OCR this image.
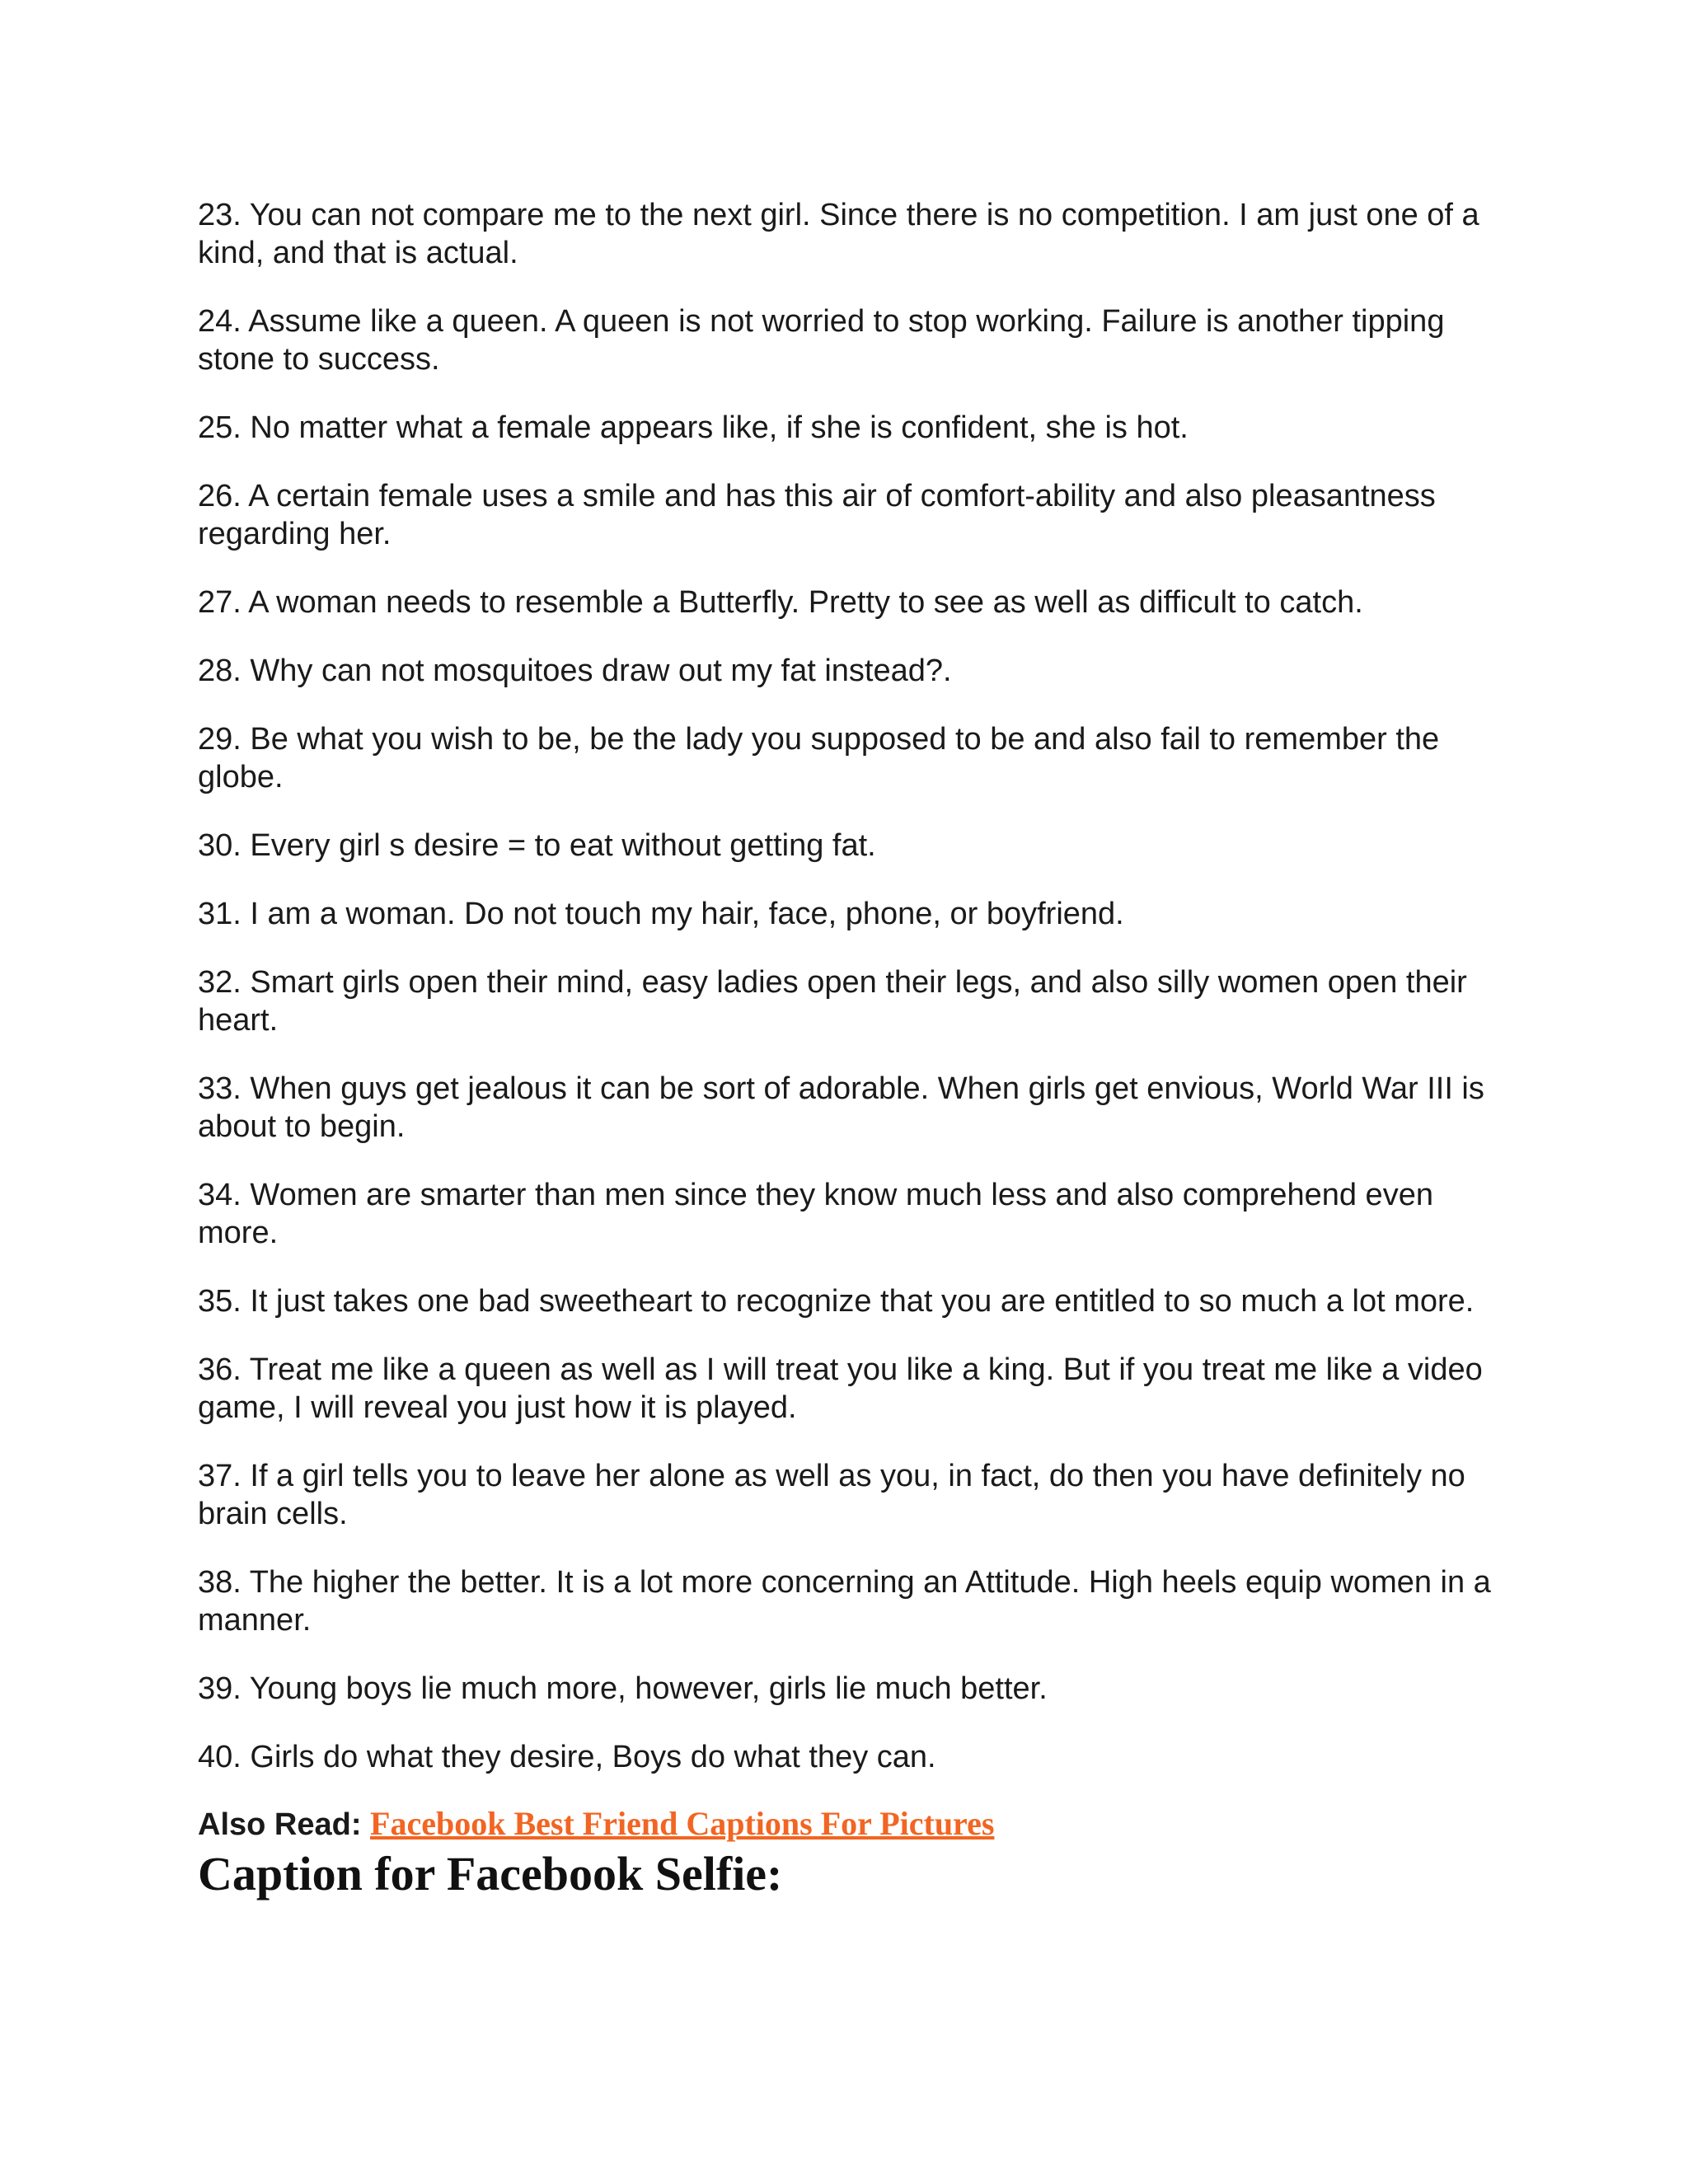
23. You can not compare me to the next girl. Since there is no competition. I am just one of a kind, and that is actual.

24. Assume like a queen. A queen is not worried to stop working. Failure is another tipping stone to success.

25. No matter what a female appears like, if she is confident, she is hot.

26. A certain female uses a smile and has this air of comfort-ability and also pleasantness regarding her.

27. A woman needs to resemble a Butterfly. Pretty to see as well as difficult to catch.

28. Why can not mosquitoes draw out my fat instead?.

29. Be what you wish to be, be the lady you supposed to be and also fail to remember the globe.

30. Every girl s desire = to eat without getting fat.

31. I am a woman. Do not touch my hair, face, phone, or boyfriend.

32. Smart girls open their mind, easy ladies open their legs, and also silly women open their heart.

33. When guys get jealous it can be sort of adorable. When girls get envious, World War III is about to begin.

34. Women are smarter than men since they know much less and also comprehend even more.

35. It just takes one bad sweetheart to recognize that you are entitled to so much a lot more.

36. Treat me like a queen as well as I will treat you like a king. But if you treat me like a video game, I will reveal you just how it is played.

37. If a girl tells you to leave her alone as well as you, in fact, do then you have definitely no brain cells.

38. The higher the better. It is a lot more concerning an Attitude. High heels equip women in a manner.

39. Young boys lie much more, however, girls lie much better.

40. Girls do what they desire, Boys do what they can.

Also Read: Facebook Best Friend Captions For Pictures
Caption for Facebook Selfie:
